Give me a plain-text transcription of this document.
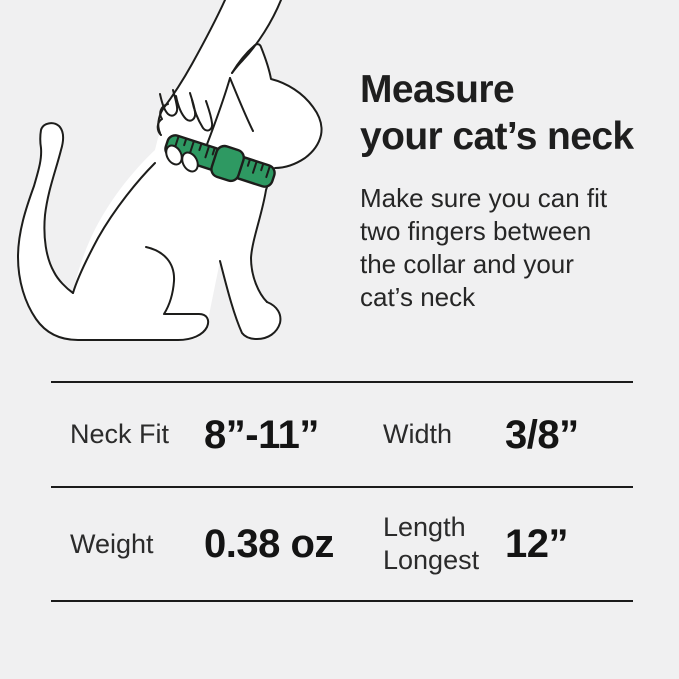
Measure
your cat’s neck

Make sure you can fit two fingers between the collar and your cat’s neck

Neck Fit 8”-11”	Width	3/8”
Weight	0.38 oz	Length Longest 12”
